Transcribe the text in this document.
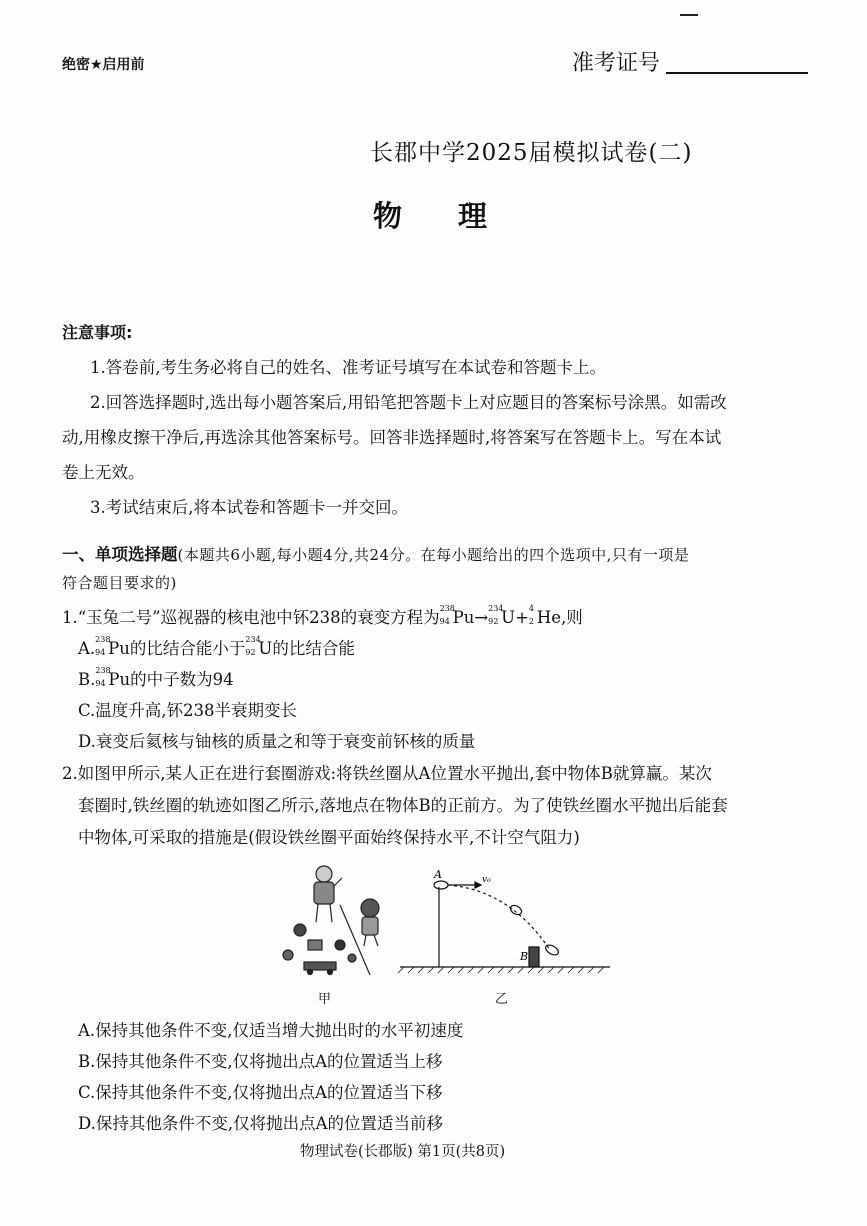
绝密★启用前	准考证号
长郡中学2025届模拟试卷(二)
物理
注意事项:
1.答卷前,考生务必将自己的姓名、准考证号填写在本试卷和答题卡上。
2.回答选择题时,选出每小题答案后,用铅笔把答题卡上对应题目的答案标号涂黑。如需改
动,用橡皮擦干净后,再选涂其他答案标号。回答非选择题时,将答案写在答题卡上。写在本试
卷上无效。
3.考试结束后,将本试卷和答题卡一并交回。
一、单项选择题(本题共6小题,每小题4分,共24分。在每小题给出的四个选项中,只有一项是
符合题目要求的)
1.“玉兔二号”巡视器的核电池中钚238的衰变方程为 238
94 Pu→ 234
92 U+ 4
2 He,则
A. 238
94 Pu的比结合能小于 234
92 U的比结合能
B. 238
94 Pu的中子数为94
C.温度升高,钚238半衰期变长
D.衰变后氦核与铀核的质量之和等于衰变前钚核的质量
2.如图甲所示,某人正在进行套圈游戏:将铁丝圈从A位置水平抛出,套中物体B就算赢。某次
套圈时,铁丝圈的轨迹如图乙所示,落地点在物体B的正前方。为了使铁丝圈水平抛出后能套
中物体,可采取的措施是(假设铁丝圈平面始终保持水平,不计空气阻力)
A
B
v₀
甲	乙
A.保持其他条件不变,仅适当增大抛出时的水平初速度
B.保持其他条件不变,仅将抛出点A的位置适当上移
C.保持其他条件不变,仅将抛出点A的位置适当下移
D.保持其他条件不变,仅将抛出点A的位置适当前移
物理试卷(长郡版) 第1页(共8页)
